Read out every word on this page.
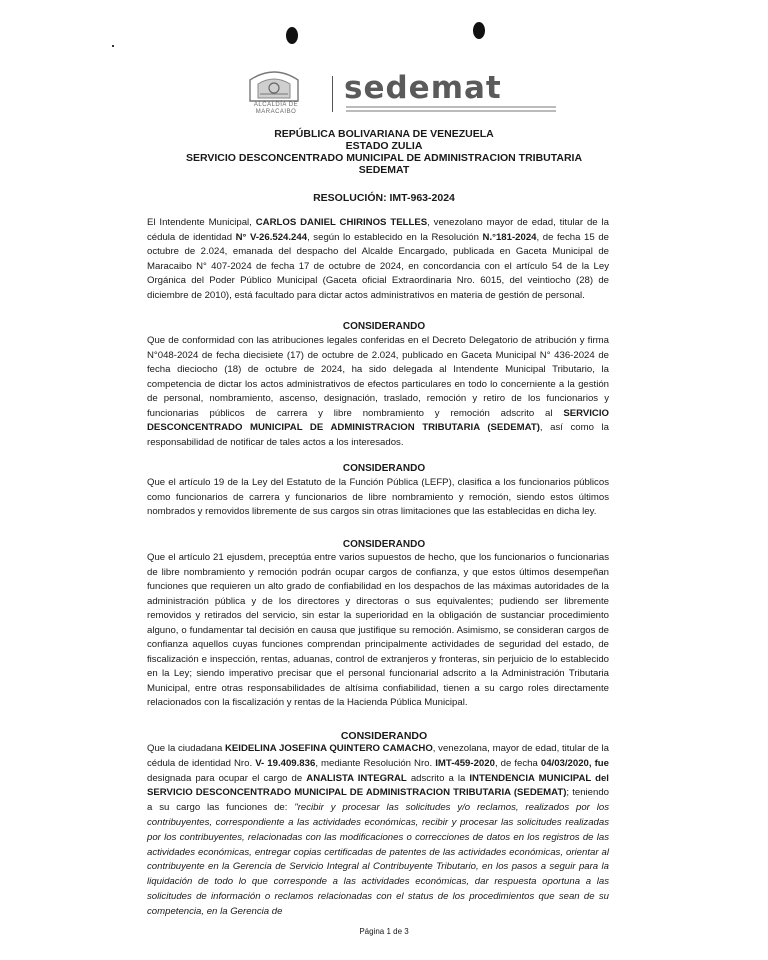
ALCALDÍA DE MARACAIBO
sedemat
REPÚBLICA BOLIVARIANA DE VENEZUELA
ESTADO ZULIA
SERVICIO DESCONCENTRADO MUNICIPAL DE ADMINISTRACION TRIBUTARIA
SEDEMAT
RESOLUCIÓN: IMT-963-2024

El Intendente Municipal, CARLOS DANIEL CHIRINOS TELLES, venezolano mayor de edad, titular de la cédula de identidad N° V-26.524.244, según lo establecido en la Resolución N.°181-2024, de fecha 15 de octubre de 2.024, emanada del despacho del Alcalde Encargado, publicada en Gaceta Municipal de Maracaibo N° 407-2024 de fecha 17 de octubre de 2024, en concordancia con el artículo 54 de la Ley Orgánica del Poder Público Municipal (Gaceta oficial Extraordinaria Nro. 6015, del veintiocho (28) de diciembre de 2010), está facultado para dictar actos administrativos en materia de gestión de personal.

CONSIDERANDO

Que de conformidad con las atribuciones legales conferidas en el Decreto Delegatorio de atribución y firma N°048-2024 de fecha diecisiete (17) de octubre de 2.024, publicado en Gaceta Municipal N° 436-2024 de fecha dieciocho (18) de octubre de 2024, ha sido delegada al Intendente Municipal Tributario, la competencia de dictar los actos administrativos de efectos particulares en todo lo concerniente a la gestión de personal, nombramiento, ascenso, designación, traslado, remoción y retiro de los funcionarios y funcionarias públicos de carrera y libre nombramiento y remoción adscrito al SERVICIO DESCONCENTRADO MUNICIPAL DE ADMINISTRACION TRIBUTARIA (SEDEMAT), así como la responsabilidad de notificar de tales actos a los interesados.

CONSIDERANDO

Que el artículo 19 de la Ley del Estatuto de la Función Pública (LEFP), clasifica a los funcionarios públicos como funcionarios de carrera y funcionarios de libre nombramiento y remoción, siendo estos últimos nombrados y removidos libremente de sus cargos sin otras limitaciones que las establecidas en dicha ley.

CONSIDERANDO

Que el artículo 21 ejusdem, preceptúa entre varios supuestos de hecho, que los funcionarios o funcionarias de libre nombramiento y remoción podrán ocupar cargos de confianza, y que estos últimos desempeñan funciones que requieren un alto grado de confiabilidad en los despachos de las máximas autoridades de la administración pública y de los directores y directoras o sus equivalentes; pudiendo ser libremente removidos y retirados del servicio, sin estar la superioridad en la obligación de sustanciar procedimiento alguno, o fundamentar tal decisión en causa que justifique su remoción. Asimismo, se consideran cargos de confianza aquellos cuyas funciones comprendan principalmente actividades de seguridad del estado, de fiscalización e inspección, rentas, aduanas, control de extranjeros y fronteras, sin perjuicio de lo establecido en la Ley; siendo imperativo precisar que el personal funcionarial adscrito a la Administración Tributaria Municipal, entre otras responsabilidades de altísima confiabilidad, tienen a su cargo roles directamente relacionados con la fiscalización y rentas de la Hacienda Pública Municipal.

CONSIDERANDO

Que la ciudadana KEIDELINA JOSEFINA QUINTERO CAMACHO, venezolana, mayor de edad, titular de la cédula de identidad Nro. V- 19.409.836, mediante Resolución Nro. IMT-459-2020, de fecha 04/03/2020, fue designada para ocupar el cargo de ANALISTA INTEGRAL adscrito a la INTENDENCIA MUNICIPAL del SERVICIO DESCONCENTRADO MUNICIPAL DE ADMINISTRACION TRIBUTARIA (SEDEMAT); teniendo a su cargo las funciones de: "recibir y procesar las solicitudes y/o reclamos, realizados por los contribuyentes, correspondiente a las actividades económicas, recibir y procesar las solicitudes realizadas por los contribuyentes, relacionadas con las modificaciones o correcciones de datos en los registros de las actividades económicas, entregar copias certificadas de patentes de las actividades económicas, orientar al contribuyente en la Gerencia de Servicio Integral al Contribuyente Tributario, en los pasos a seguir para la liquidación de todo lo que corresponde a las actividades económicas, dar respuesta oportuna a las solicitudes de información o reclamos relacionadas con el status de los procedimientos que sean de su competencia, en la Gerencia de

Página 1 de 3
